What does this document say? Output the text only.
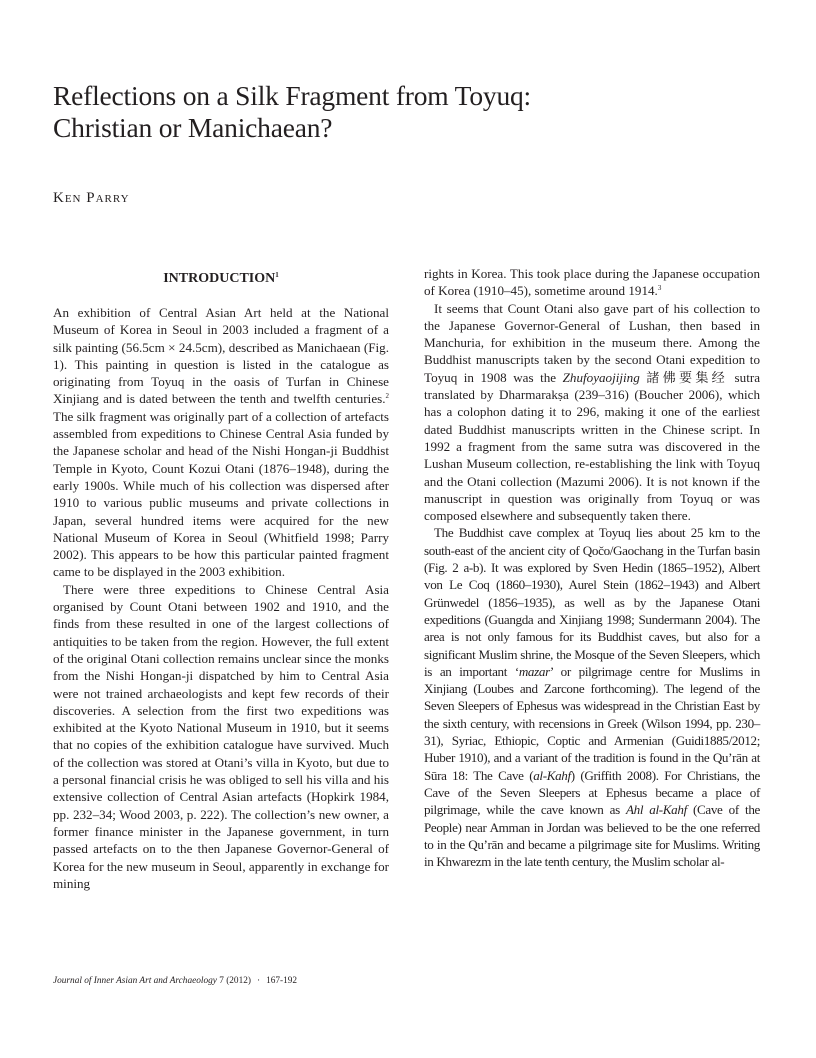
Reflections on a Silk Fragment from Toyuq:
Christian or Manichaean?
Ken Parry
INTRODUCTION$^1$

An exhibition of Central Asian Art held at the National Museum of Korea in Seoul in 2003 included a fragment of a silk painting (56.5cm × 24.5cm), described as Manichaean (Fig. 1). This painting in question is listed in the catalogue as originating from Toyuq in the oasis of Turfan in Chinese Xinjiang and is dated between the tenth and twelfth centuries.$^2$ The silk fragment was originally part of a collection of artefacts assembled from expeditions to Chinese Central Asia funded by the Japanese scholar and head of the Nishi Hongan-ji Buddhist Temple in Kyoto, Count Kozui Otani (1876–1948), during the early 1900s. While much of his collection was dispersed after 1910 to various public museums and private collections in Japan, several hundred items were acquired for the new National Museum of Korea in Seoul (Whitfield 1998; Parry 2002). This appears to be how this particular painted fragment came to be displayed in the 2003 exhibition.

There were three expeditions to Chinese Central Asia organised by Count Otani between 1902 and 1910, and the finds from these resulted in one of the largest collections of antiquities to be taken from the region. However, the full extent of the original Otani collection remains unclear since the monks from the Nishi Hongan-ji dispatched by him to Central Asia were not trained archaeologists and kept few records of their discoveries. A selection from the first two expeditions was exhibited at the Kyoto National Museum in 1910, but it seems that no copies of the exhibition catalogue have survived. Much of the collection was stored at Otani’s villa in Kyoto, but due to a personal financial crisis he was obliged to sell his villa and his extensive collection of Central Asian artefacts (Hopkirk 1984, pp. 232–34; Wood 2003, p. 222). The collection’s new owner, a former finance minister in the Japanese government, in turn passed artefacts on to the then Japanese Governor-General of Korea for the new museum in Seoul, apparently in exchange for mining

rights in Korea. This took place during the Japanese occupation of Korea (1910–45), sometime around 1914.$^3$

It seems that Count Otani also gave part of his collection to the Japanese Governor-General of Lushan, then based in Manchuria, for exhibition in the museum there. Among the Buddhist manuscripts taken by the second Otani expedition to Toyuq in 1908 was the Zhufoyaojijing 諸佛要集经 sutra translated by Dharmarakṣa (239–316) (Boucher 2006), which has a colophon dating it to 296, making it one of the earliest dated Buddhist manuscripts written in the Chinese script. In 1992 a fragment from the same sutra was discovered in the Lushan Museum collection, re-establishing the link with Toyuq and the Otani collection (Mazumi 2006). It is not known if the manuscript in question was originally from Toyuq or was composed elsewhere and subsequently taken there.

The Buddhist cave complex at Toyuq lies about 25 km to the south-east of the ancient city of Qočo/Gaochang in the Turfan basin (Fig. 2 a-b). It was explored by Sven Hedin (1865–1952), Albert von Le Coq (1860–1930), Aurel Stein (1862–1943) and Albert Grünwedel (1856–1935), as well as by the Japanese Otani expeditions (Guangda and Xinjiang 1998; Sundermann 2004). The area is not only famous for its Buddhist caves, but also for a significant Muslim shrine, the Mosque of the Seven Sleepers, which is an important ‘mazar’ or pilgrimage centre for Muslims in Xinjiang (Loubes and Zarcone forthcoming). The legend of the Seven Sleepers of Ephesus was widespread in the Christian East by the sixth century, with recensions in Greek (Wilson 1994, pp. 230–31), Syriac, Ethiopic, Coptic and Armenian (Guidi1885/2012; Huber 1910), and a variant of the tradition is found in the Qu’rān at Sūra 18: The Cave (al-Kahf) (Griffith 2008). For Christians, the Cave of the Seven Sleepers at Ephesus became a place of pilgrimage, while the cave known as Ahl al-Kahf (Cave of the People) near Amman in Jordan was believed to be the one referred to in the Qu’rān and became a pilgrimage site for Muslims. Writing in Khwarezm in the late tenth century, the Muslim scholar al-

Journal of Inner Asian Art and Archaeology 7 (2012) · 167-192
